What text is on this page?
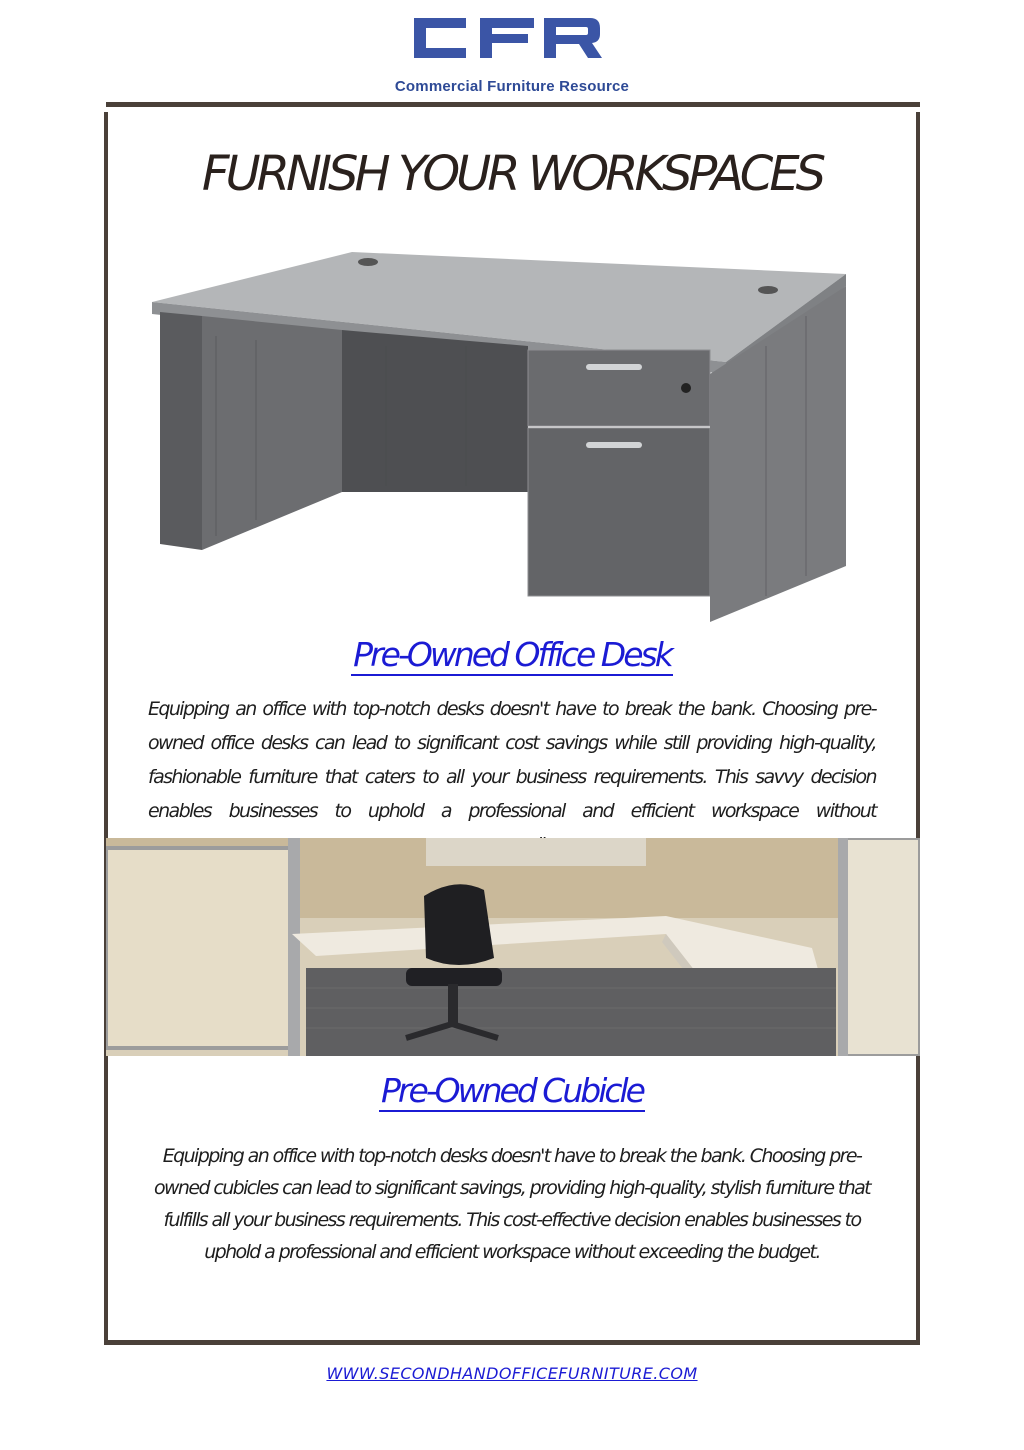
Commercial Furniture Resource
FURNISH YOUR WORKSPACES
Pre-Owned Office Desk
Equipping an office with top-notch desks doesn't have to break the bank. Choosing pre-owned office desks can lead to significant cost savings while still providing high-quality, fashionable furniture that caters to all your business requirements. This savvy decision enables businesses to uphold a professional and efficient workspace without
Pre-Owned Cubicle
Equipping an office with top-notch desks doesn't have to break the bank. Choosing pre-owned cubicles can lead to significant savings, providing high-quality, stylish furniture that fulfills all your business requirements. This cost-effective decision enables businesses to uphold a professional and efficient workspace without exceeding the budget.
WWW.SECONDHANDOFFICEFURNITURE.COM
